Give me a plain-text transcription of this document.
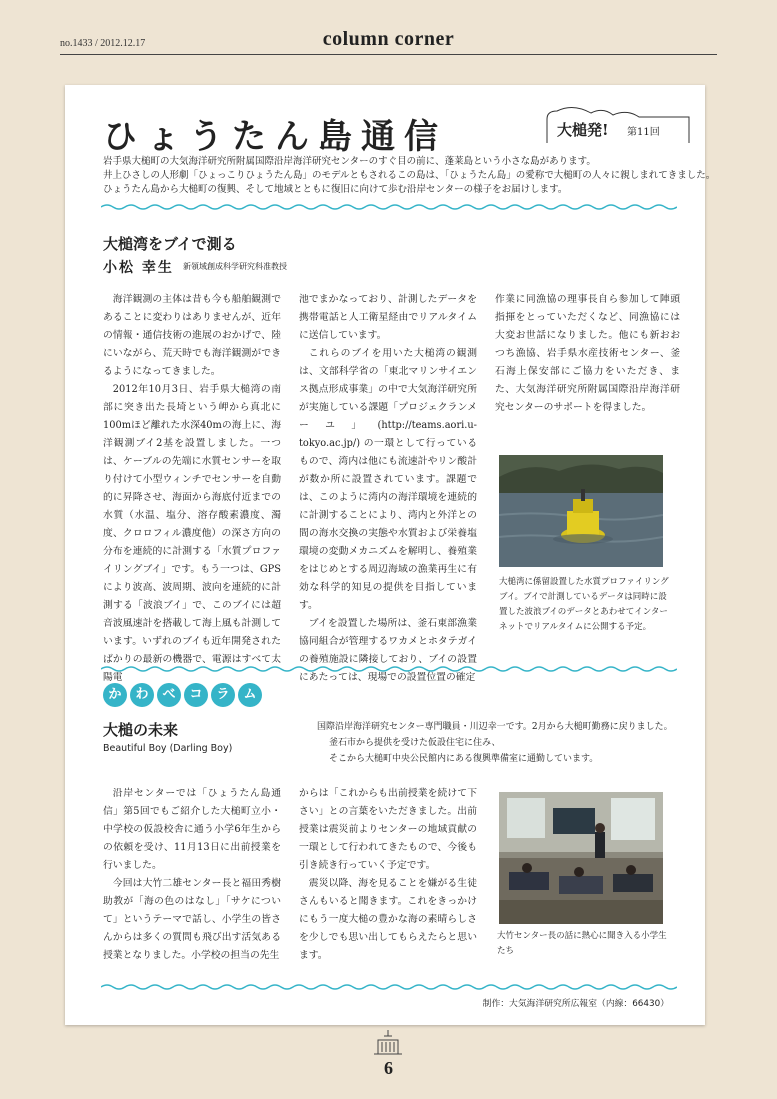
no.1433 / 2012.12.17	column corner
ひょうたん島通信	大槌発! 第11回

岩手県大槌町の大気海洋研究所附属国際沿岸海洋研究センターのすぐ目の前に、蓬莱島という小さな島があります。

井上ひさしの人形劇「ひょっこりひょうたん島」のモデルともされるこの島は、「ひょうたん島」の愛称で大槌町の人々に親しまれてきました。

ひょうたん島から大槌町の復興、そして地域とともに復旧に向けて歩む沿岸センターの様子をお届けします。

大槌湾をブイで測る
小松 幸生 新領域創成科学研究科准教授

海洋観測の主体は昔も今も船舶観測であることに変わりはありませんが、近年の情報・通信技術の進展のおかげで、陸にいながら、荒天時でも海洋観測ができるようになってきました。

2012年10月3日、岩手県大槌湾の南部に突き出た長埼という岬から真北に100mほど離れた水深40mの海上に、海洋観測ブイ2基を設置しました。一つは、ケーブルの先端に水質センサーを取り付けて小型ウィンチでセンサーを自動的に昇降させ、海面から海底付近までの水質（水温、塩分、溶存酸素濃度、濁度、クロロフィル濃度他）の深さ方向の分布を連続的に計測する「水質プロファイリングブイ」です。もう一つは、GPSにより波高、波周期、波向を連続的に計測する「波浪ブイ」で、このブイには超音波風速計を搭載して海上風も計測しています。いずれのブイも近年開発されたばかりの最新の機器で、電源はすべて太陽電

池でまかなっており、計測したデータを携帯電話と人工衛星経由でリアルタイムに送信しています。

これらのブイを用いた大槌湾の観測は、文部科学省の「東北マリンサイエンス拠点形成事業」の中で大気海洋研究所が実施している課題「プロジェクランメーユ」(http://teams.aori.u-tokyo.ac.jp/) の一環として行っているもので、湾内は他にも流速計やリン酸計が数か所に設置されています。課題では、このように湾内の海洋環境を連続的に計測することにより、湾内と外洋との間の海水交換の実態や水質および栄養塩環境の変動メカニズムを解明し、養殖業をはじめとする周辺海域の漁業再生に有効な科学的知見の提供を目指しています。

ブイを設置した場所は、釜石東部漁業協同組合が管理するワカメとホタテガイの養殖施設に隣接しており、ブイの設置にあたっては、現場での設置位置の確定

作業に同漁協の理事長自ら参加して陣頭指揮をとっていただくなど、同漁協には大変お世話になりました。他にも新おおつち漁協、岩手県水産技術センター、釜石海上保安部にご協力をいただき、また、大気海洋研究所附属国際沿岸海洋研究センターのサポートを得ました。

大槌湾に係留設置した水質プロファイリングブイ。ブイで計測しているデータは同時に設置した波浪ブイのデータとあわせてインターネットでリアルタイムに公開する予定。
か わ べ コ ラ ム
大槌の未来
Beautiful Boy (Darling Boy)

国際沿岸海洋研究センター専門職員・川辺幸一です。2月から大槌町勤務に戻りました。

釜石市から提供を受けた仮設住宅に住み、

そこから大槌町中央公民館内にある復興準備室に通勤しています。

沿岸センターでは「ひょうたん島通信」第5回でもご紹介した大槌町立小・中学校の仮設校舎に通う小学6年生からの依頼を受け、11月13日に出前授業を行いました。

今回は大竹二雄センター長と福田秀樹助教が「海の色のはなし」「サケについて」というテーマで話し、小学生の皆さんからは多くの質問も飛び出す活気ある授業となりました。小学校の担当の先生

からは「これからも出前授業を続けて下さい」との言葉をいただきました。出前授業は震災前よりセンターの地域貢献の一環として行われてきたもので、今後も引き続き行っていく予定です。

震災以降、海を見ることを嫌がる生徒さんもいると聞きます。これをきっかけにもう一度大槌の豊かな海の素晴らしさを少しでも思い出してもらえたらと思います。

大竹センター長の話に熱心に聞き入る小学生たち
制作：大気海洋研究所広報室（内線：66430）
6
